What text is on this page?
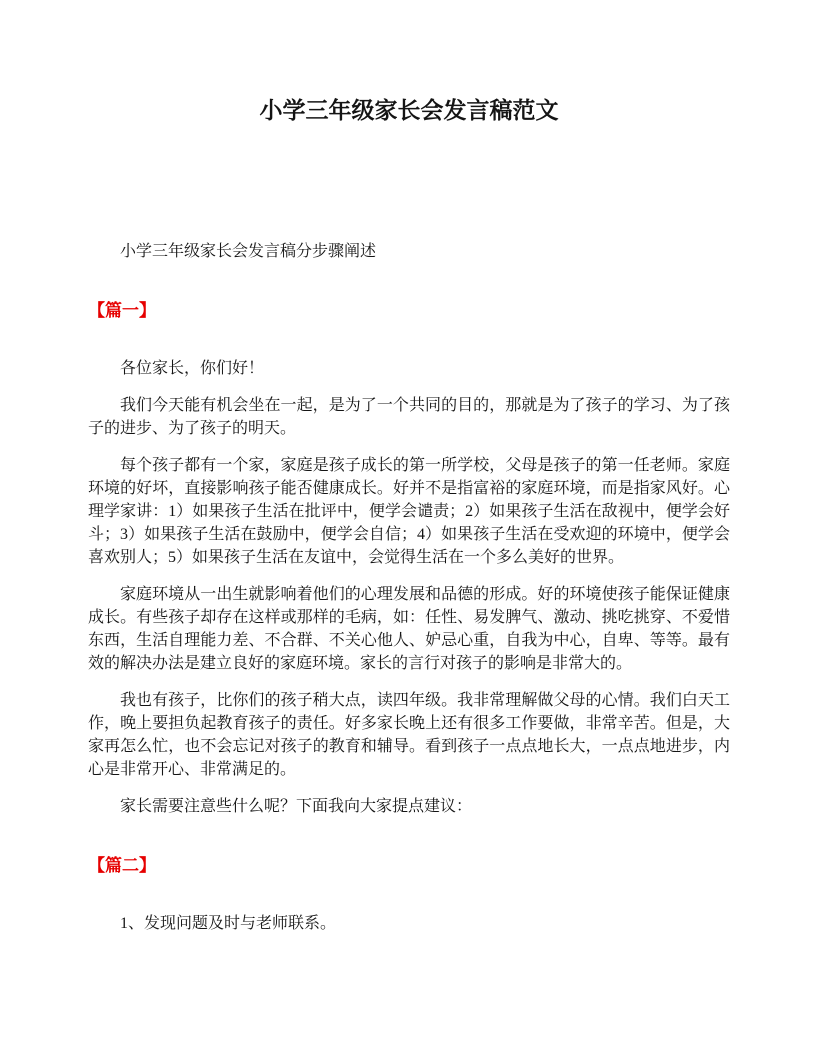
小学三年级家长会发言稿范文

小学三年级家长会发言稿分步骤阐述

【篇一】

各位家长，你们好！

我们今天能有机会坐在一起，是为了一个共同的目的，那就是为了孩子的学习、为了孩子的进步、为了孩子的明天。

每个孩子都有一个家，家庭是孩子成长的第一所学校，父母是孩子的第一任老师。家庭环境的好坏，直接影响孩子能否健康成长。好并不是指富裕的家庭环境，而是指家风好。心理学家讲：1）如果孩子生活在批评中，便学会谴责；2）如果孩子生活在敌视中，便学会好斗；3）如果孩子生活在鼓励中，便学会自信；4）如果孩子生活在受欢迎的环境中，便学会喜欢别人；5）如果孩子生活在友谊中，会觉得生活在一个多么美好的世界。

家庭环境从一出生就影响着他们的心理发展和品德的形成。好的环境使孩子能保证健康成长。有些孩子却存在这样或那样的毛病，如：任性、易发脾气、激动、挑吃挑穿、不爱惜东西，生活自理能力差、不合群、不关心他人、妒忌心重，自我为中心，自卑、等等。最有效的解决办法是建立良好的家庭环境。家长的言行对孩子的影响是非常大的。

我也有孩子，比你们的孩子稍大点，读四年级。我非常理解做父母的心情。我们白天工作，晚上要担负起教育孩子的责任。好多家长晚上还有很多工作要做，非常辛苦。但是，大家再怎么忙，也不会忘记对孩子的教育和辅导。看到孩子一点点地长大，一点点地进步，内心是非常开心、非常满足的。

家长需要注意些什么呢？下面我向大家提点建议：

【篇二】

1、发现问题及时与老师联系。
